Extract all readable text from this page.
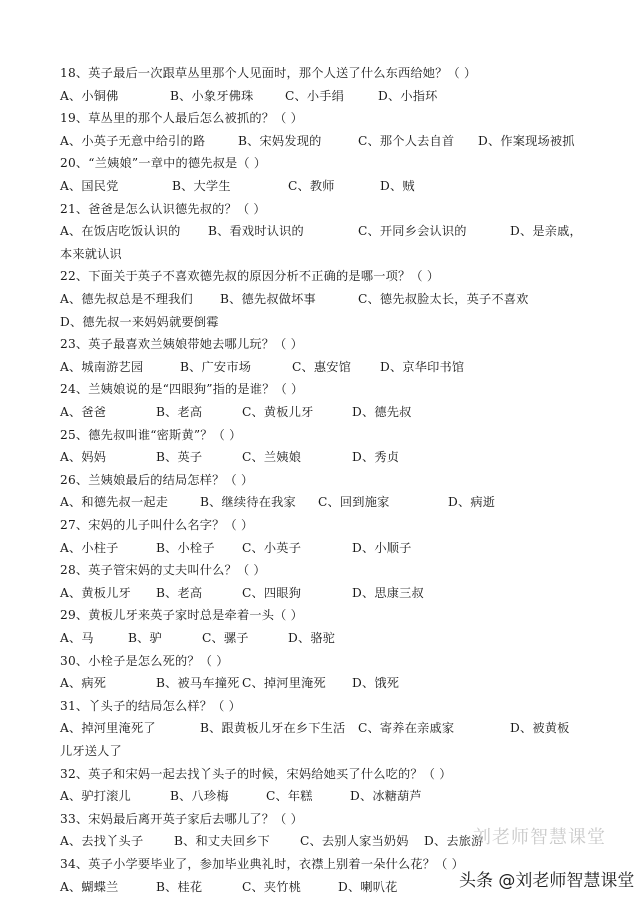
18、英子最后一次跟草丛里那个人见面时，那个人送了什么东西给她？（ ）
A、小铜佛	B、小象牙佛珠	C、小手绢	D、小指环
19、草丛里的那个人最后怎么被抓的？（ ）
A、小英子无意中给引的路	B、宋妈发现的	C、那个人去自首 D、作案现场被抓
20、“兰姨娘”一章中的德先叔是（ ）
A、国民党	B、大学生	C、教师	D、贼
21、爸爸是怎么认识德先叔的？（ ）
A、在饭店吃饭认识的 B、看戏时认识的	C、开同乡会认识的	D、是亲戚，
本来就认识
22、下面关于英子不喜欢德先叔的原因分析不正确的是哪一项？（ ）
A、德先叔总是不理我们 B、德先叔做坏事	C、德先叔脸太长，英子不喜欢
D、德先叔一来妈妈就要倒霉
23、英子最喜欢兰姨娘带她去哪儿玩？（ ）
A、城南游艺园	B、广安市场	C、惠安馆 D、京华印书馆
24、兰姨娘说的是“四眼狗”指的是谁？（ ）
A、爸爸	B、老高	C、黄板儿牙	D、德先叔
25、德先叔叫谁“密斯黄”？（ ）
A、妈妈	B、英子	C、兰姨娘	D、秀贞
26、兰姨娘最后的结局怎样？（ ）
A、和德先叔一起走	B、继续待在我家 C、回到施家	D、病逝
27、宋妈的儿子叫什么名字？（ ）
A、小柱子	B、小栓子 C、小英子	D、小顺子
28、英子管宋妈的丈夫叫什么？（ ）
A、黄板儿牙 B、老高	C、四眼狗	D、思康三叔
29、黄板儿牙来英子家时总是牵着一头（ ）
A、马	B、驴	C、骡子	D、骆驼
30、小栓子是怎么死的？（ ）
A、病死	B、被马车撞死 C、掉河里淹死 D、饿死
31、丫头子的结局怎么样？（ ）
A、掉河里淹死了	B、跟黄板儿牙在乡下生活 C、寄养在亲戚家	D、被黄板
儿牙送人了
32、英子和宋妈一起去找丫头子的时候，宋妈给她买了什么吃的？（ ）
A、驴打滚儿	B、八珍梅	C、年糕	D、冰糖葫芦
33、宋妈最后离开英子家后去哪儿了？（ ）
A、去找丫头子	B、和丈夫回乡下 C、去别人家当奶妈 D、去旅游
34、英子小学要毕业了，参加毕业典礼时，衣襟上别着一朵什么花？（ ）
A、蝴蝶兰	B、桂花	C、夹竹桃	D、喇叭花
刘老师智慧课堂
头条 @刘老师智慧课堂
